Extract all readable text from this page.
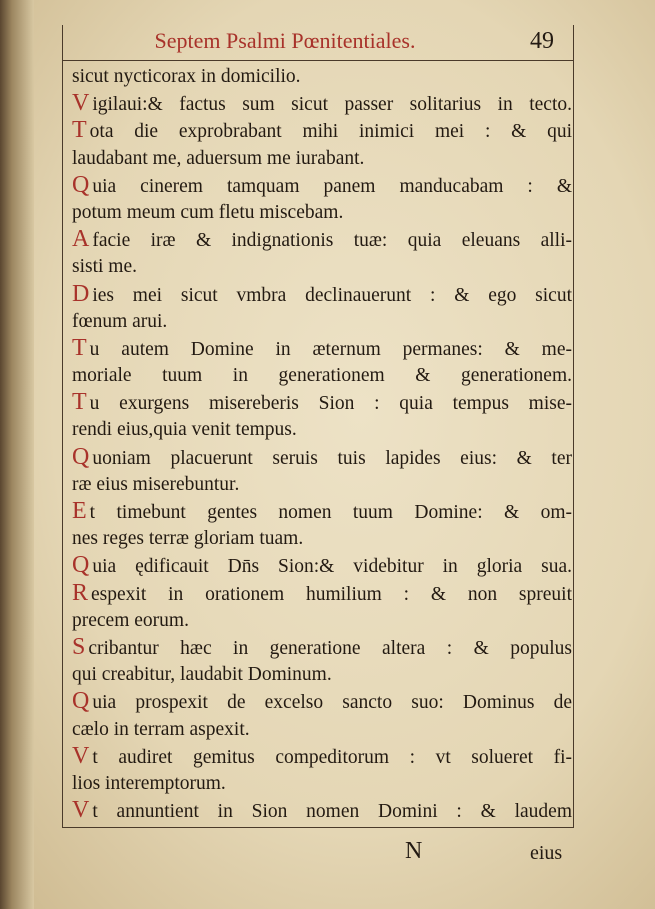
Septem Psalmi Pœnitentiales.	49
sicut nycticorax in domicilio.
V igilaui:& factus sum sicut passer solitarius in tecto.
T ota die exprobrabant mihi inimici mei : & qui
laudabant me, aduersum me iurabant.
Q uia cinerem tamquam panem manducabam : &
potum meum cum fletu miscebam.
A facie iræ & indignationis tuæ: quia eleuans alli-
sisti me.
D ies mei sicut vmbra declinauerunt : & ego sicut
fœnum arui.
T u autem Domine in æternum permanes: & me-
moriale tuum in generationem & generationem.
T u exurgens misereberis Sion : quia tempus mise-
rendi eius,quia venit tempus.
Q uoniam placuerunt seruis tuis lapides eius: & ter
ræ eius miserebuntur.
E t timebunt gentes nomen tuum Domine: & om-
nes reges terræ gloriam tuam.
Q uia ędificauit Dn̄s Sion:& videbitur in gloria sua.
R espexit in orationem humilium : & non spreuit
precem eorum.
S cribantur hæc in generatione altera : & populus
qui creabitur, laudabit Dominum.
Q uia prospexit de excelso sancto suo: Dominus de
cælo in terram aspexit.
V t audiret gemitus compeditorum : vt solueret fi-
lios interemptorum.
V t annuntient in Sion nomen Domini : & laudem
N	eius
